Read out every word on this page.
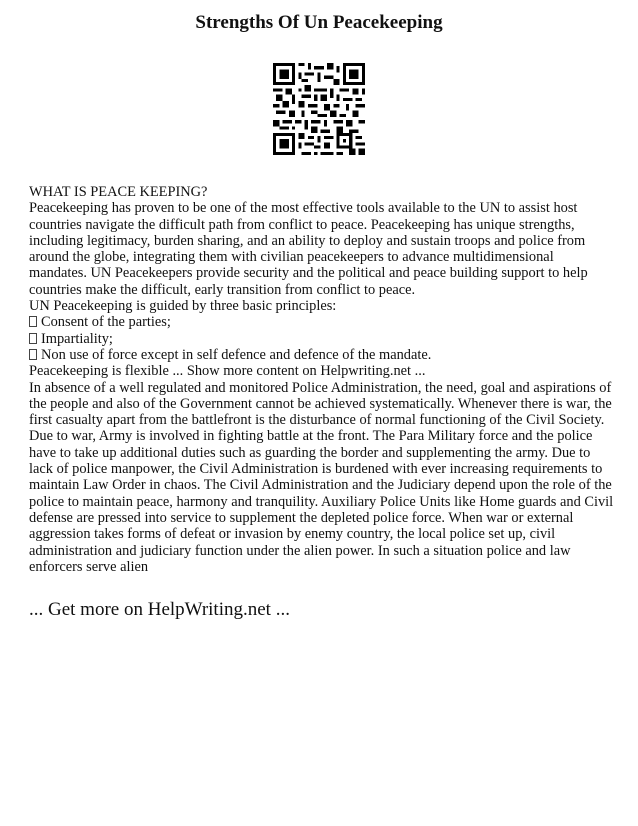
Strengths Of Un Peacekeeping

WHAT IS PEACE KEEPING?

Peacekeeping has proven to be one of the most effective tools available to the UN to assist host countries navigate the difficult path from conflict to peace. Peacekeeping has unique strengths, including legitimacy, burden sharing, and an ability to deploy and sustain troops and police from around the globe, integrating them with civilian peacekeepers to advance multidimensional mandates. UN Peacekeepers provide security and the political and peace building support to help countries make the difficult, early transition from conflict to peace.

UN Peacekeeping is guided by three basic principles:

Consent of the parties;

Impartiality;

Non use of force except in self defence and defence of the mandate.

Peacekeeping is flexible ... Show more content on Helpwriting.net ...

In absence of a well regulated and monitored Police Administration, the need, goal and aspirations of the people and also of the Government cannot be achieved systematically. Whenever there is war, the first casualty apart from the battlefront is the disturbance of normal functioning of the Civil Society. Due to war, Army is involved in fighting battle at the front. The Para Military force and the police have to take up additional duties such as guarding the border and supplementing the army. Due to lack of police manpower, the Civil Administration is burdened with ever increasing requirements to maintain Law Order in chaos. The Civil Administration and the Judiciary depend upon the role of the police to maintain peace, harmony and tranquility. Auxiliary Police Units like Home guards and Civil defense are pressed into service to supplement the depleted police force. When war or external aggression takes forms of defeat or invasion by enemy country, the local police set up, civil administration and judiciary function under the alien power. In such a situation police and law enforcers serve alien

... Get more on HelpWriting.net ...
